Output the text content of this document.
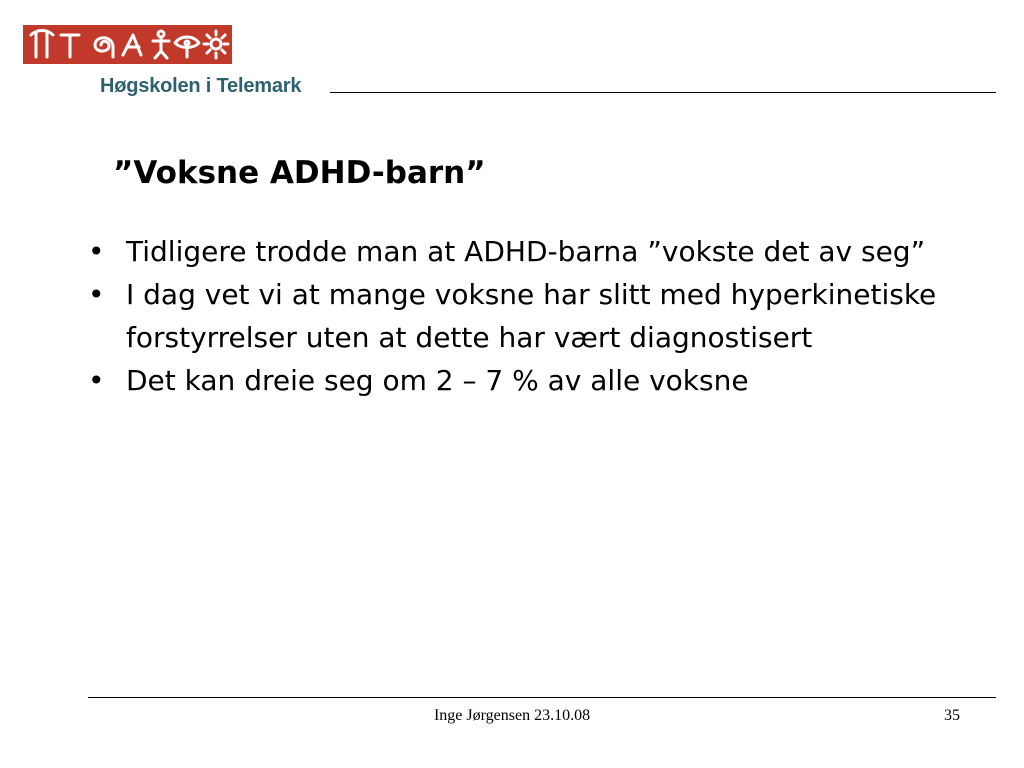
Høgskolen i Telemark
”Voksne ADHD-barn”
• Tidligere trodde man at ADHD-barna ”vokste det av seg”
• I dag vet vi at mange voksne har slitt med hyperkinetiske forstyrrelser uten at dette har vært diagnostisert
• Det kan dreie seg om 2 – 7 % av alle voksne
Inge Jørgensen 23.10.08	35
